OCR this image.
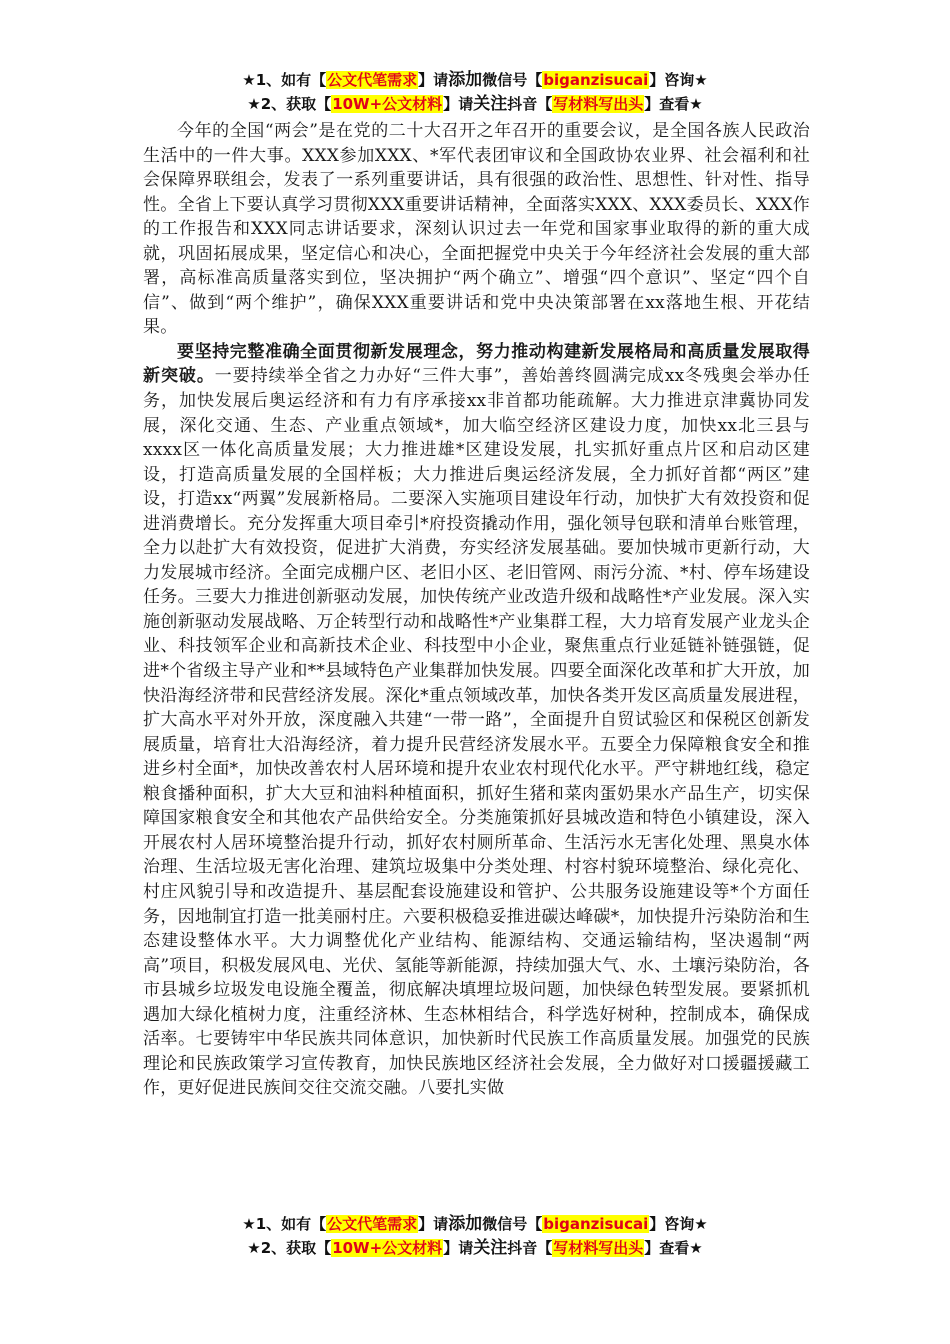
★1、如有【公文代笔需求】请添加微信号【biganzisucai】咨询★
★2、获取【10W+公文材料】请关注抖音【写材料写出头】查看★

今年的全国“两会”是在党的二十大召开之年召开的重要会议，是全国各族人民政治生活中的一件大事。XXX参加XXX、*军代表团审议和全国政协农业界、社会福利和社会保障界联组会，发表了一系列重要讲话，具有很强的政治性、思想性、针对性、指导性。全省上下要认真学习贯彻XXX重要讲话精神，全面落实XXX、XXX委员长、XXX作的工作报告和XXX同志讲话要求，深刻认识过去一年党和国家事业取得的新的重大成就，巩固拓展成果，坚定信心和决心，全面把握党中央关于今年经济社会发展的重大部署，高标准高质量落实到位，坚决拥护“两个确立”、增强“四个意识”、坚定“四个自信”、做到“两个维护”，确保XXX重要讲话和党中央决策部署在xx落地生根、开花结果。

要坚持完整准确全面贯彻新发展理念，努力推动构建新发展格局和高质量发展取得新突破。一要持续举全省之力办好“三件大事”，善始善终圆满完成xx冬残奥会举办任务，加快发展后奥运经济和有力有序承接xx非首都功能疏解。大力推进京津冀协同发展，深化交通、生态、产业重点领域*，加大临空经济区建设力度，加快xx北三县与xxxx区一体化高质量发展；大力推进雄*区建设发展，扎实抓好重点片区和启动区建设，打造高质量发展的全国样板；大力推进后奥运经济发展，全力抓好首都“两区”建设，打造xx“两翼”发展新格局。二要深入实施项目建设年行动，加快扩大有效投资和促进消费增长。充分发挥重大项目牵引*府投资撬动作用，强化领导包联和清单台账管理，全力以赴扩大有效投资，促进扩大消费，夯实经济发展基础。要加快城市更新行动，大力发展城市经济。全面完成棚户区、老旧小区、老旧管网、雨污分流、*村、停车场建设任务。三要大力推进创新驱动发展，加快传统产业改造升级和战略性*产业发展。深入实施创新驱动发展战略、万企转型行动和战略性*产业集群工程，大力培育发展产业龙头企业、科技领军企业和高新技术企业、科技型中小企业，聚焦重点行业延链补链强链，促进*个省级主导产业和**县域特色产业集群加快发展。四要全面深化改革和扩大开放，加快沿海经济带和民营经济发展。深化*重点领域改革，加快各类开发区高质量发展进程，扩大高水平对外开放，深度融入共建“一带一路”，全面提升自贸试验区和保税区创新发展质量，培育壮大沿海经济，着力提升民营经济发展水平。五要全力保障粮食安全和推进乡村全面*，加快改善农村人居环境和提升农业农村现代化水平。严守耕地红线，稳定粮食播种面积，扩大大豆和油料种植面积，抓好生猪和菜肉蛋奶果水产品生产，切实保障国家粮食安全和其他农产品供给安全。分类施策抓好县城改造和特色小镇建设，深入开展农村人居环境整治提升行动，抓好农村厕所革命、生活污水无害化处理、黑臭水体治理、生活垃圾无害化治理、建筑垃圾集中分类处理、村容村貌环境整治、绿化亮化、村庄风貌引导和改造提升、基层配套设施建设和管护、公共服务设施建设等*个方面任务，因地制宜打造一批美丽村庄。六要积极稳妥推进碳达峰碳*，加快提升污染防治和生态建设整体水平。大力调整优化产业结构、能源结构、交通运输结构，坚决遏制“两高”项目，积极发展风电、光伏、氢能等新能源，持续加强大气、水、土壤污染防治，各市县城乡垃圾发电设施全覆盖，彻底解决填埋垃圾问题，加快绿色转型发展。要紧抓机遇加大绿化植树力度，注重经济林、生态林相结合，科学选好树种，控制成本，确保成活率。七要铸牢中华民族共同体意识，加快新时代民族工作高质量发展。加强党的民族理论和民族政策学习宣传教育，加快民族地区经济社会发展，全力做好对口援疆援藏工作，更好促进民族间交往交流交融。八要扎实做

★1、如有【公文代笔需求】请添加微信号【biganzisucai】咨询★
★2、获取【10W+公文材料】请关注抖音【写材料写出头】查看★
